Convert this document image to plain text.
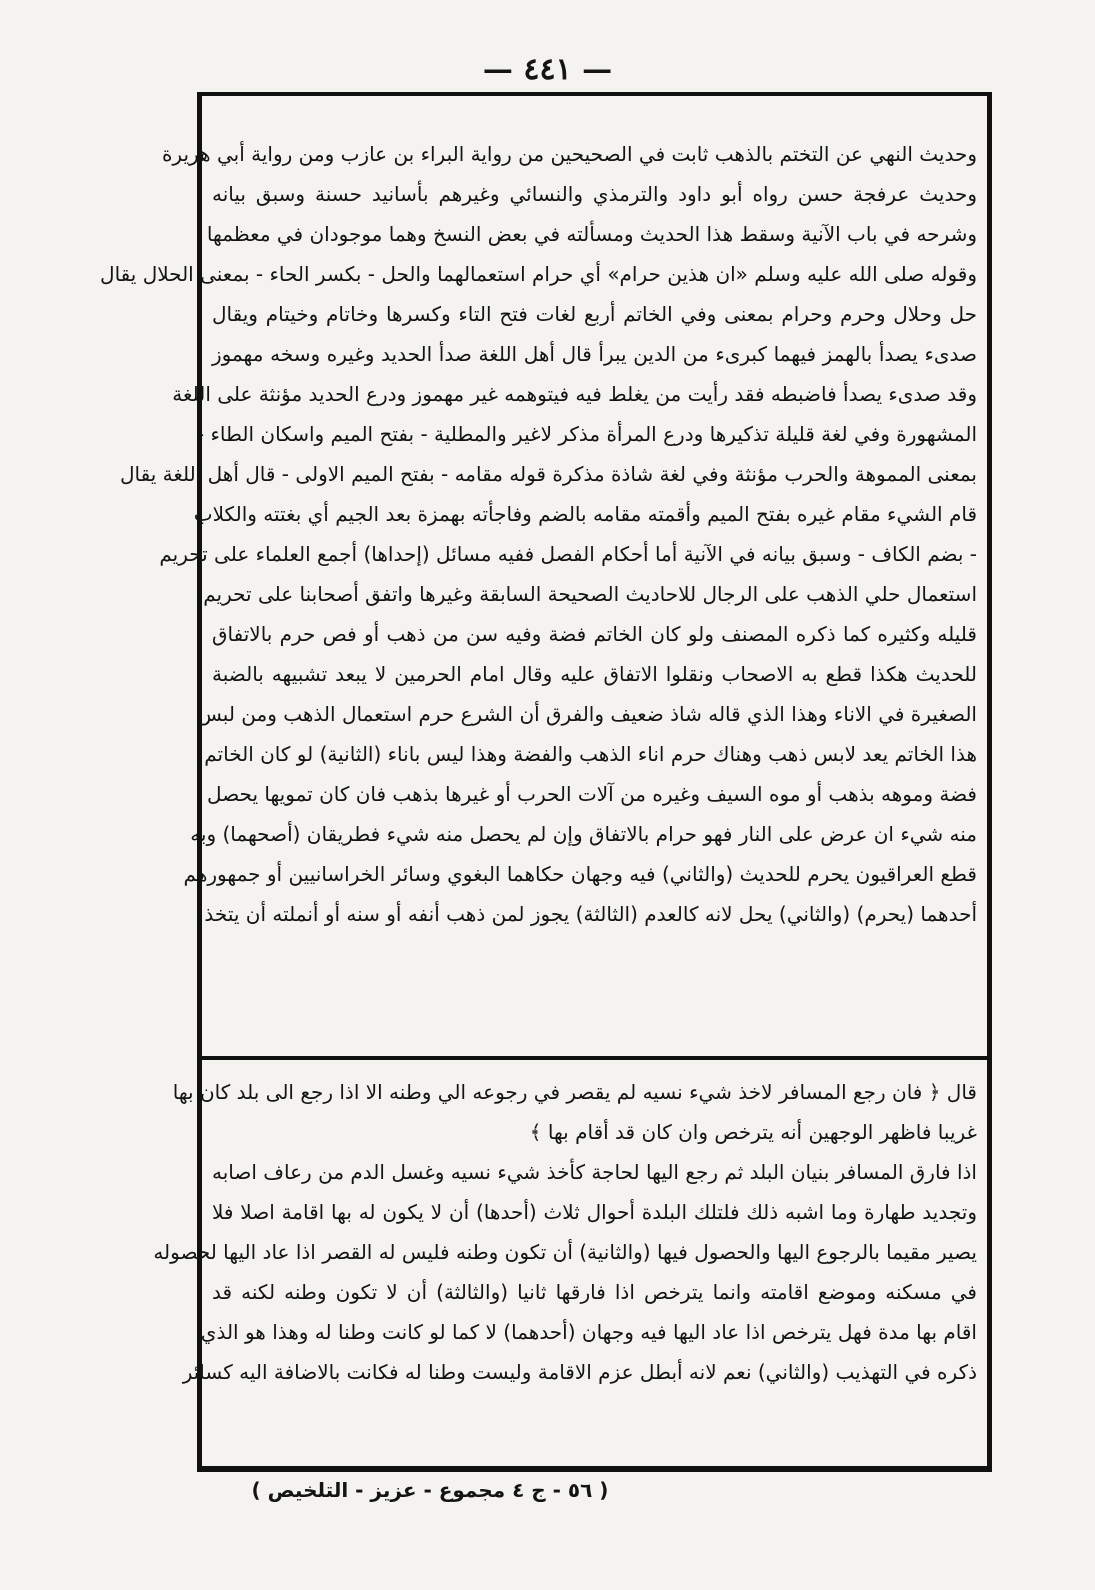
— ٤٤١ —
وحديث النهي عن التختم بالذهب ثابت في الصحيحين من رواية البراء بن عازب ومن رواية أبي هريرة
وحديث عرفجة حسن رواه أبو داود والترمذي والنسائي وغيرهم بأسانيد حسنة وسبق بيانه
وشرحه في باب الآنية وسقط هذا الحديث ومسألته في بعض النسخ وهما موجودان في معظمها
وقوله صلى الله عليه وسلم «ان هذين حرام» أي حرام استعمالهما والحل - بكسر الحاء - بمعنى الحلال يقال
حل وحلال وحرم وحرام بمعنى وفي الخاتم أربع لغات فتح التاء وكسرها وخاتام وخيتام ويقال
صدىء يصدأ بالهمز فيهما كبرىء من الدين يبرأ قال أهل اللغة صدأ الحديد وغيره وسخه مهموز
وقد صدىء يصدأ فاضبطه فقد رأيت من يغلط فيه فيتوهمه غير مهموز ودرع الحديد مؤنثة على اللغة
المشهورة وفي لغة قليلة تذكيرها ودرع المرأة مذكر لاغير والمطلية - بفتح الميم واسكان الطاء -
بمعنى المموهة والحرب مؤنثة وفي لغة شاذة مذكرة قوله مقامه - بفتح الميم الاولى - قال أهل اللغة يقال
قام الشيء مقام غيره بفتح الميم وأقمته مقامه بالضم وفاجأته بهمزة بعد الجيم أي بغتته والكلاب
- بضم الكاف - وسبق بيانه في الآنية أما أحكام الفصل ففيه مسائل (إحداها) أجمع العلماء على تحريم
استعمال حلي الذهب على الرجال للاحاديث الصحيحة السابقة وغيرها واتفق أصحابنا على تحريم
قليله وكثيره كما ذكره المصنف ولو كان الخاتم فضة وفيه سن من ذهب أو فص حرم بالاتفاق
للحديث هكذا قطع به الاصحاب ونقلوا الاتفاق عليه وقال امام الحرمين لا يبعد تشبيهه بالضبة
الصغيرة في الاناء وهذا الذي قاله شاذ ضعيف والفرق أن الشرع حرم استعمال الذهب ومن لبس
هذا الخاتم يعد لابس ذهب وهناك حرم اناء الذهب والفضة وهذا ليس باناء (الثانية) لو كان الخاتم
فضة وموهه بذهب أو موه السيف وغيره من آلات الحرب أو غيرها بذهب فان كان تمويها يحصل
منه شيء ان عرض على النار فهو حرام بالاتفاق وإن لم يحصل منه شيء فطريقان (أصحهما) وبه
قطع العراقيون يحرم للحديث (والثاني) فيه وجهان حكاهما البغوي وسائر الخراسانيين أو جمهورهم
أحدهما (يحرم) (والثاني) يحل لانه كالعدم (الثالثة) يجوز لمن ذهب أنفه أو سنه أو أنملته أن يتخذ
قال ﴿ فان رجع المسافر لاخذ شيء نسيه لم يقصر في رجوعه الي وطنه الا اذا رجع الى بلد كان بها
غريبا فاظهر الوجهين أنه يترخص وان كان قد أقام بها ﴾
اذا فارق المسافر بنيان البلد ثم رجع اليها لحاجة كأخذ شيء نسيه وغسل الدم من رعاف اصابه
وتجديد طهارة وما اشبه ذلك فلتلك البلدة أحوال ثلاث (أحدها) أن لا يكون له بها اقامة اصلا فلا
يصير مقيما بالرجوع اليها والحصول فيها (والثانية) أن تكون وطنه فليس له القصر اذا عاد اليها لحصوله
في مسكنه وموضع اقامته وانما يترخص اذا فارقها ثانيا (والثالثة) أن لا تكون وطنه لكنه قد
اقام بها مدة فهل يترخص اذا عاد اليها فيه وجهان (أحدهما) لا كما لو كانت وطنا له وهذا هو الذي
ذكره في التهذيب (والثاني) نعم لانه أبطل عزم الاقامة وليست وطنا له فكانت بالاضافة اليه كسائر
( ٥٦ - ج ٤ مجموع - عزيز - التلخيص )
